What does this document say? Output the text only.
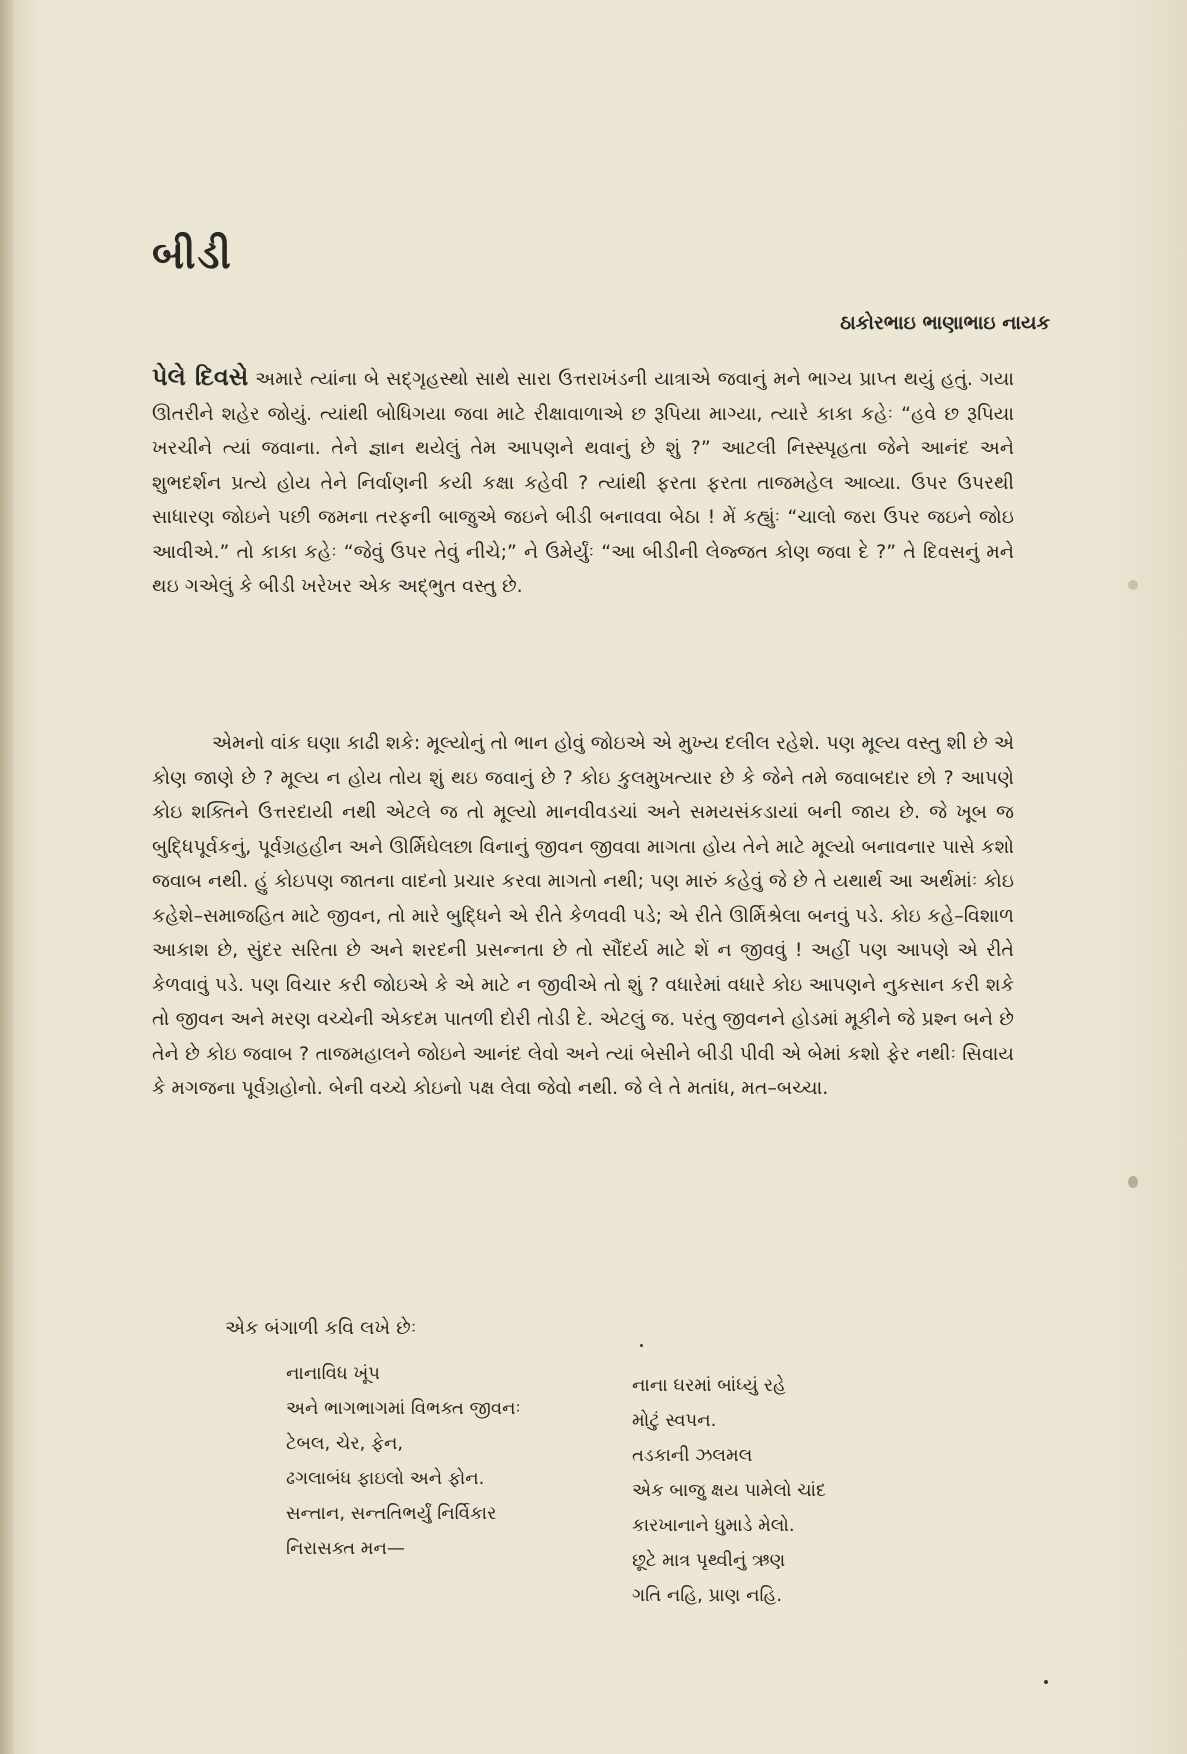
બીડી
ઠાકોરભાઇ ભાણાભાઇ નાયક

પેલે દિવસે અમારે ત્યાંના બે સદ્‌ગૃહસ્થો સાથે સારા ઉત્તરાખંડની યાત્રાએ જવાનું મને ભાગ્ય પ્રાપ્ત થયું હતું. ગયા ઊતરીને શહેર જોયું. ત્યાંથી બોધિગયા જવા માટે રીક્ષાવાળાએ છ રૂપિયા માગ્યા, ત્યારે કાકા કહેઃ “હવે છ રૂપિયા ખરચીને ત્યાં જવાના. તેને જ્ઞાન થયેલું તેમ આપણને થવાનું છે શું ?” આટલી નિસ્સ્પૃહતા જેને આનંદ અને શુભદર્શન પ્રત્યે હોય તેને નિર્વાણની કયી કક્ષા કહેવી ? ત્યાંથી ફરતા ફરતા તાજમહેલ આવ્યા. ઉપર ઉપરથી સાધારણ જોઇને પછી જમના તરફની બાજુએ જઇને બીડી બનાવવા બેઠા ! મેં કહ્યુંઃ “ચાલો જરા ઉપર જઇને જોઇ આવીએ.” તો કાકા કહેઃ “જેવું ઉપર તેવું નીચે;” ને ઉમેર્યુંઃ “આ બીડીની લેજ્જત કોણ જવા દે ?” તે દિવસનું મને થઇ ગએલું કે બીડી ખરેખર એક અદ્‌ભુત વસ્તુ છે.

એમનો વાંક ઘણા કાઢી શકે: મૂલ્યોનું તો ભાન હોવું જોઇએ એ મુખ્ય દલીલ રહેશે. પણ મૂલ્ય વસ્તુ શી છે એ કોણ જાણે છે ? મૂલ્ય ન હોય તોય શું થઇ જવાનું છે ? કોઇ કુલમુખત્યાર છે કે જેને તમે જવાબદાર છો ? આપણે કોઇ શક્તિને ઉત્તરદાયી નથી એટલે જ તો મૂલ્યો માનવીવડચાં અને સમયસંકડાયાં બની જાય છે. જે ખૂબ જ બુદ્ધિપૂર્વકનું, પૂર્વગ્રહહીન અને ઊર્મિઘેલછા વિનાનું જીવન જીવવા માગતા હોય તેને માટે મૂલ્યો બનાવનાર પાસે કશો જવાબ નથી. હું કોઇપણ જાતના વાદનો પ્રચાર કરવા માગતો નથી; પણ મારું કહેવું જે છે તે યથાર્થ આ અર્થમાંઃ કોઇ કહેશે–સમાજહિત માટે જીવન, તો મારે બુદ્ધિને એ રીતે કેળવવી પડે; એ રીતે ઊર્મિશ્રેલા બનવું પડે. કોઇ કહે–વિશાળ આકાશ છે, સુંદર સરિતા છે અને શરદની પ્રસન્નતા છે તો સૌંદર્ય માટે શેં ન જીવવું ! અહીં પણ આપણે એ રીતે કેળવાવું પડે. પણ વિચાર કરી જોઇએ કે એ માટે ન જીવીએ તો શું ? વધારેમાં વધારે કોઇ આપણને નુકસાન કરી શકે તો જીવન અને મરણ વચ્ચેની એકદમ પાતળી દોરી તોડી દે. એટલું જ. પરંતુ જીવનને હોડમાં મૂકીને જે પ્રશ્ન બને છે તેને છે કોઇ જવાબ ? તાજમહાલને જોઇને આનંદ લેવો અને ત્યાં બેસીને બીડી પીવી એ બેમાં કશો ફેર નથીઃ સિવાય કે મગજના પૂર્વગ્રહોનો. બેની વચ્ચે કોઇનો પક્ષ લેવા જેવો નથી. જે લે તે મતાંધ, મત–બચ્ચા.

એક બંગાળી કવિ લખે છેઃ
નાનાવિધ ખૂંપ
અને ભાગભાગમાં વિભક્ત જીવનઃ
ટેબલ, ચેર, ફેન,
ઢગલાબંધ ફાઇલો અને ફોન.
સન્તાન, સન્તતિભર્યું નિર્વિકાર
નિરાસક્ત મન—
નાના ઘરમાં બાંધ્યું રહે
મોટું સ્વપન.
તડકાની ઝલમલ
એક બાજુ ક્ષય પામેલો ચાંદ
કારખાનાને ધુમાડે મેલો.
છૂટે માત્ર પૃથ્વીનું ઋણ
ગતિ નહિ, પ્રાણ નહિ.
